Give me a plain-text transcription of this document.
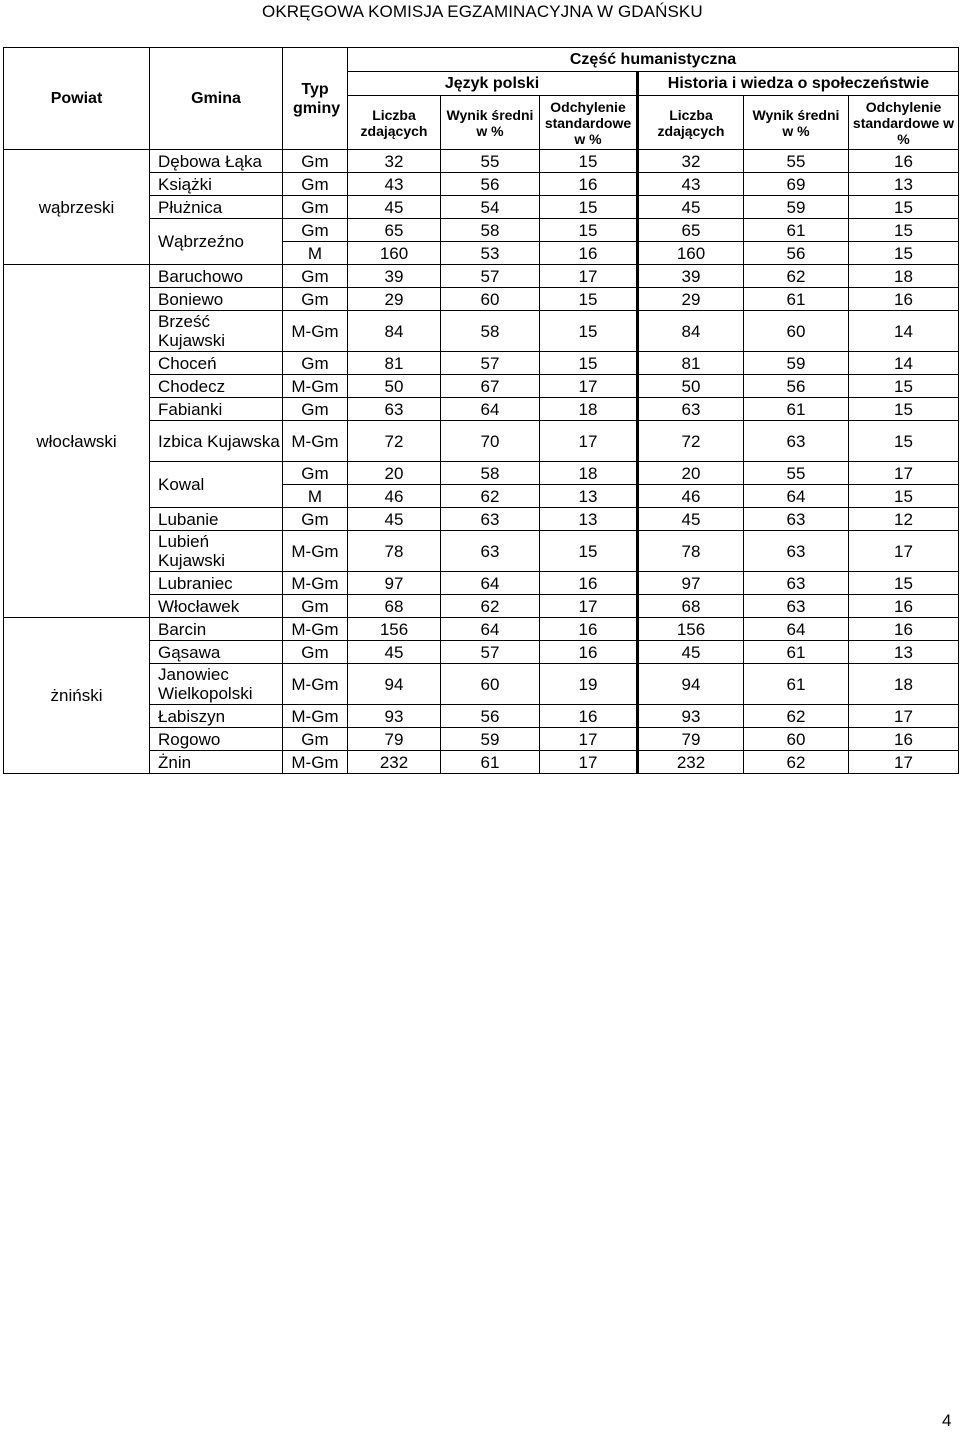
OKRĘGOWA KOMISJA EGZAMINACYJNA W GDAŃSKU
Powiat	Gmina	Typ gminy	Część humanistyczna					
			Język polski			Historia i wiedza o społeczeństwie		
			Liczba zdających	Wynik średni w %	Odchylenie standardowe w %	Liczba zdających	Wynik średni w %	Odchylenie standardowe w %
wąbrzeski	Dębowa Łąka	Gm	32	55	15	32	55	16
	Książki	Gm	43	56	16	43	69	13
	Płużnica	Gm	45	54	15	45	59	15
	Wąbrzeźno	Gm	65	58	15	65	61	15
		M	160	53	16	160	56	15
włocławski	Baruchowo	Gm	39	57	17	39	62	18
	Boniewo	Gm	29	60	15	29	61	16
	Brześć Kujawski	M-Gm	84	58	15	84	60	14
	Choceń	Gm	81	57	15	81	59	14
	Chodecz	M-Gm	50	67	17	50	56	15
	Fabianki	Gm	63	64	18	63	61	15
	Izbica Kujawska	M-Gm	72	70	17	72	63	15
	Kowal	Gm	20	58	18	20	55	17
		M	46	62	13	46	64	15
	Lubanie	Gm	45	63	13	45	63	12
	Lubień Kujawski	M-Gm	78	63	15	78	63	17
	Lubraniec	M-Gm	97	64	16	97	63	15
	Włocławek	Gm	68	62	17	68	63	16
żniński	Barcin	M-Gm	156	64	16	156	64	16
	Gąsawa	Gm	45	57	16	45	61	13
	Janowiec Wielkopolski	M-Gm	94	60	19	94	61	18
	Łabiszyn	M-Gm	93	56	16	93	62	17
	Rogowo	Gm	79	59	17	79	60	16
	Żnin	M-Gm	232	61	17	232	62	17
4
